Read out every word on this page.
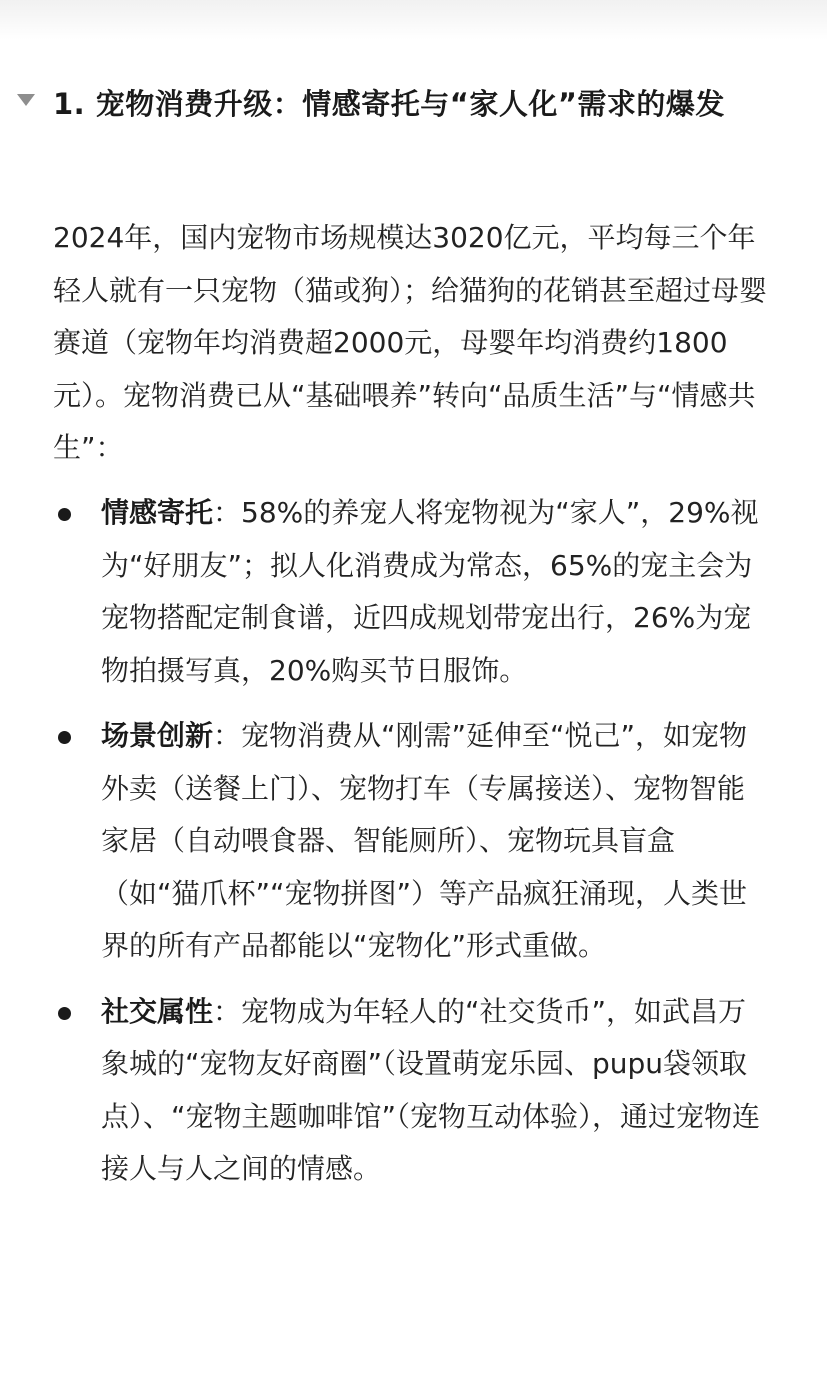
1. 宠物消费升级：情感寄托与“家人化”需求的爆发

2024年，国内宠物市场规模达3020亿元，平均每三个年轻人就有一只宠物（猫或狗）；给猫狗的花销甚至超过母婴赛道（宠物年均消费超2000元，母婴年均消费约1800元）。宠物消费已从“基础喂养”转向“品质生活”与“情感共生”：

情感寄托：58%的养宠人将宠物视为“家人”，29%视为“好朋友”；拟人化消费成为常态，65%的宠主会为宠物搭配定制食谱，近四成规划带宠出行，26%为宠物拍摄写真，20%购买节日服饰。
场景创新：宠物消费从“刚需”延伸至“悦己”，如宠物外卖（送餐上门）、宠物打车（专属接送）、宠物智能家居（自动喂食器、智能厕所）、宠物玩具盲盒（如“猫爪杯”“宠物拼图”）等产品疯狂涌现，人类世界的所有产品都能以“宠物化”形式重做。
社交属性：宠物成为年轻人的“社交货币”，如武昌万象城的“宠物友好商圈”（设置萌宠乐园、pupu袋领取点）、“宠物主题咖啡馆”（宠物互动体验），通过宠物连接人与人之间的情感。
